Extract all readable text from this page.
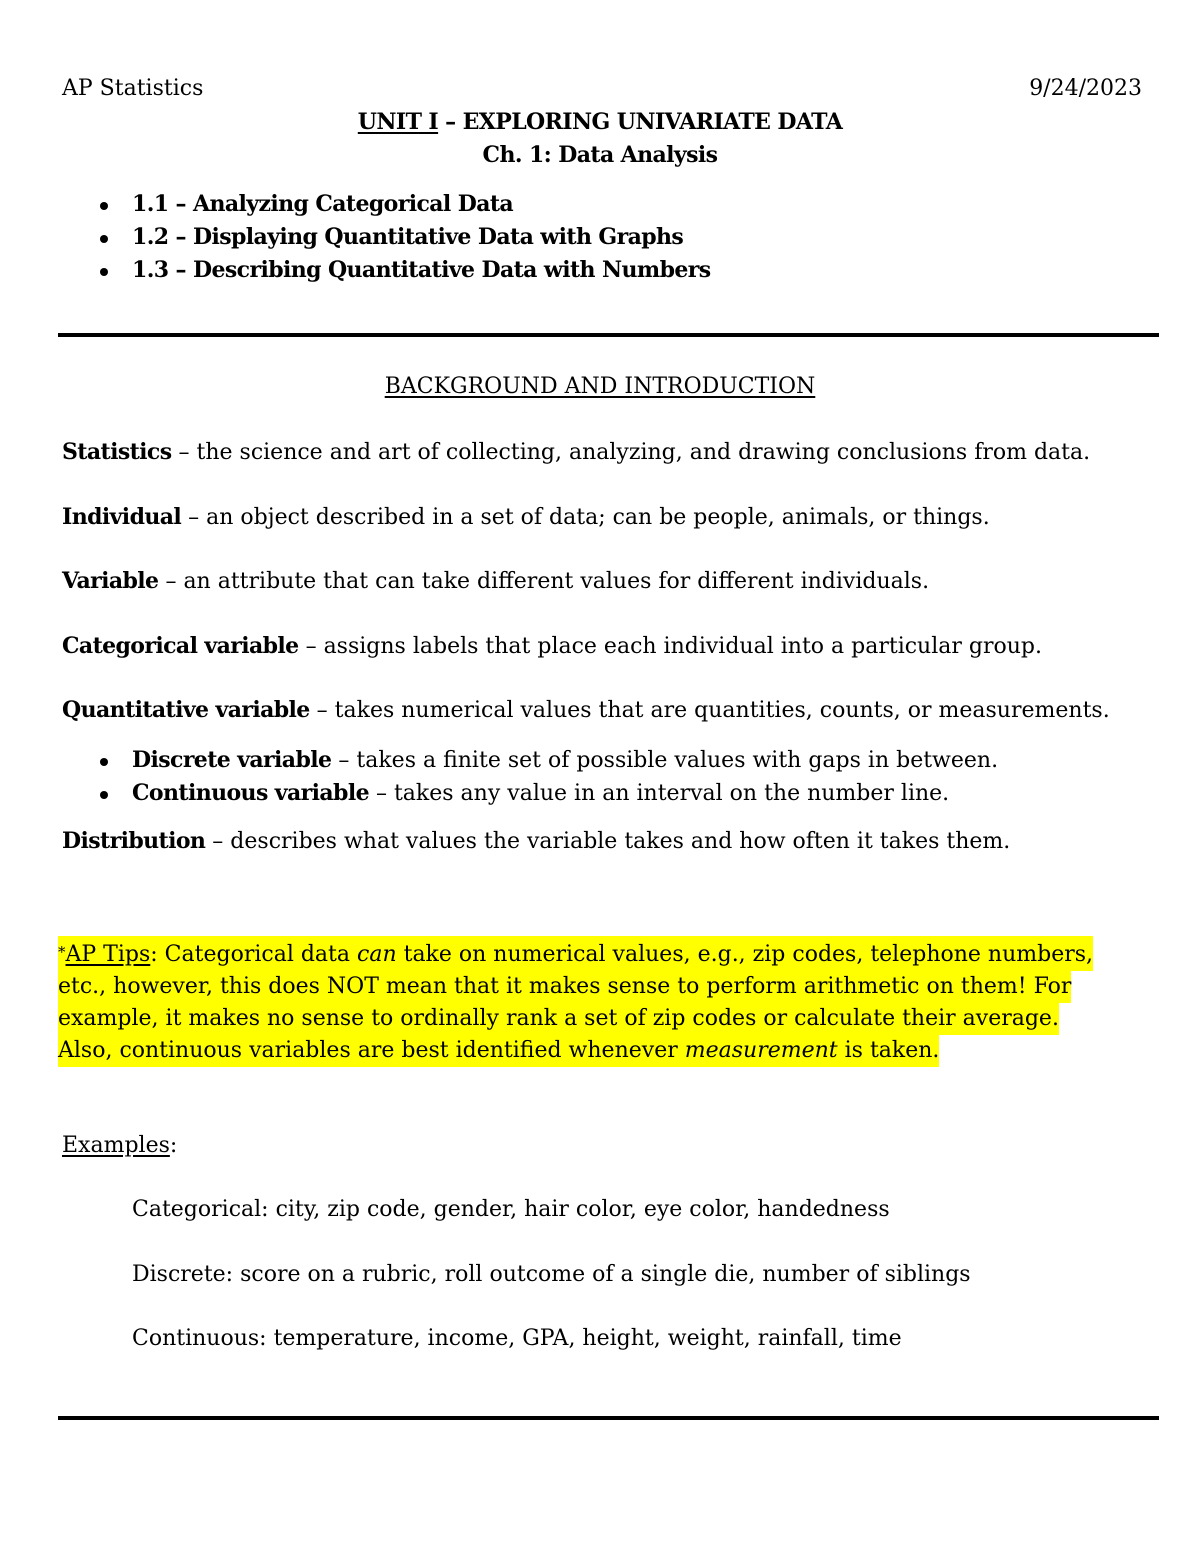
AP Statistics	9/24/2023
UNIT I – EXPLORING UNIVARIATE DATA
Ch. 1: Data Analysis
1.1 – Analyzing Categorical Data
1.2 – Displaying Quantitative Data with Graphs
1.3 – Describing Quantitative Data with Numbers
BACKGROUND AND INTRODUCTION
Statistics – the science and art of collecting, analyzing, and drawing conclusions from data.
Individual – an object described in a set of data; can be people, animals, or things.
Variable – an attribute that can take different values for different individuals.
Categorical variable – assigns labels that place each individual into a particular group.
Quantitative variable – takes numerical values that are quantities, counts, or measurements.
Discrete variable – takes a finite set of possible values with gaps in between.
Continuous variable – takes any value in an interval on the number line.
Distribution – describes what values the variable takes and how often it takes them.
*AP Tips: Categorical data can take on numerical values, e.g., zip codes, telephone numbers,
etc., however, this does NOT mean that it makes sense to perform arithmetic on them! For
example, it makes no sense to ordinally rank a set of zip codes or calculate their average.
Also, continuous variables are best identified whenever measurement is taken.
Examples:
Categorical: city, zip code, gender, hair color, eye color, handedness
Discrete: score on a rubric, roll outcome of a single die, number of siblings
Continuous: temperature, income, GPA, height, weight, rainfall, time
